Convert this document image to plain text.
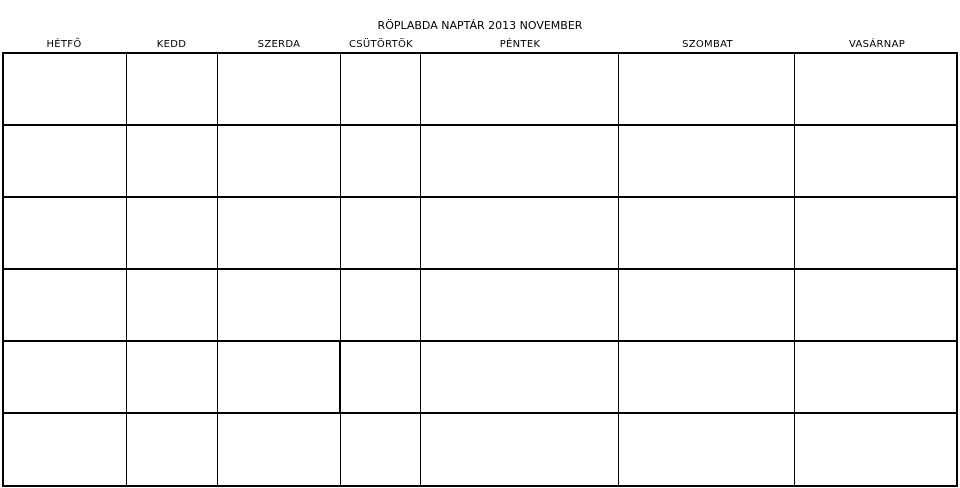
RÖPLABDA NAPTÁR 2013 NOVEMBER
HÉTFŐ	KEDD	SZERDA	CSÜTÖRTÖK	PÉNTEK	SZOMBAT	VASÁRNAP
